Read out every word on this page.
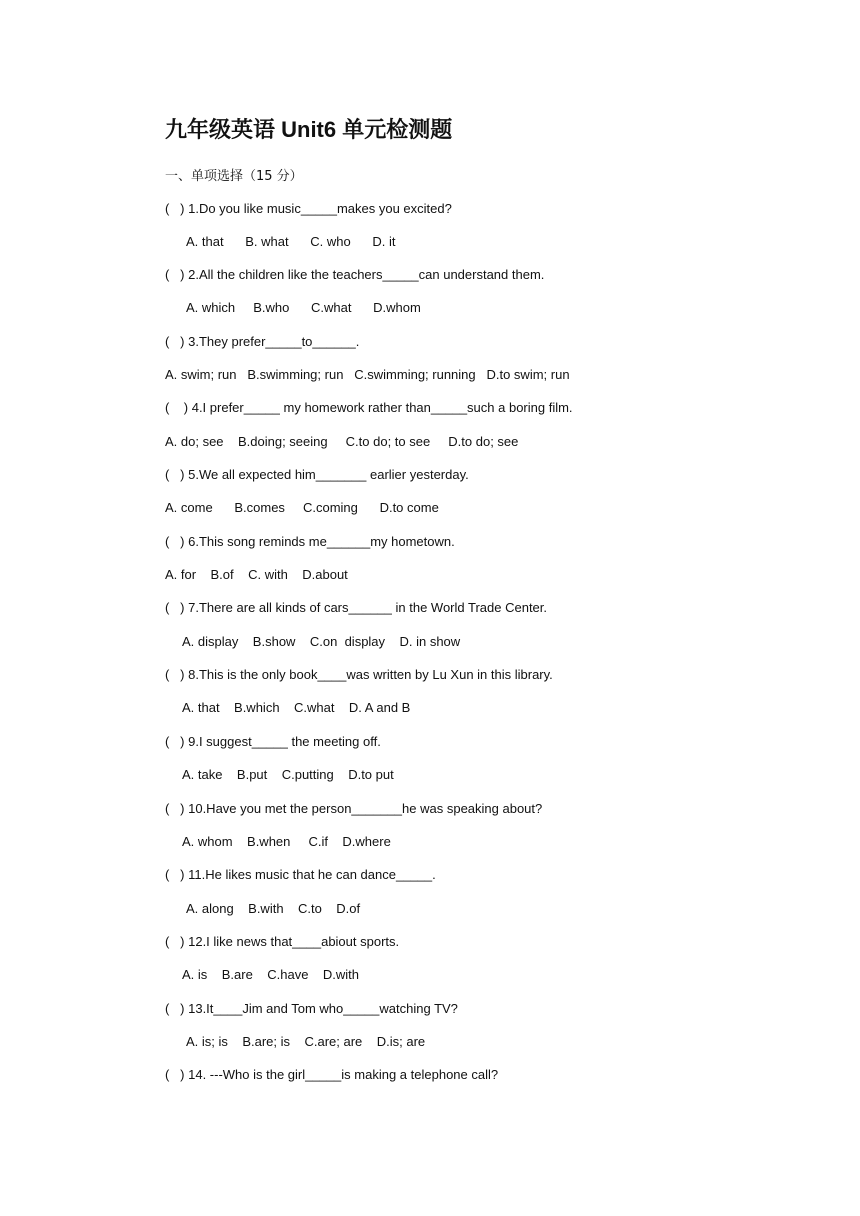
九年级英语 Unit6 单元检测题
一、单项选择（15 分）
(   ) 1.Do you like music_____makes you excited?
A. that      B. what      C. who      D. it
(   ) 2.All the children like the teachers_____can understand them.
A. which     B.who      C.what      D.whom
(   ) 3.They prefer_____to______.
A. swim; run   B.swimming; run   C.swimming; running   D.to swim; run
(    ) 4.I prefer_____ my homework rather than_____such a boring film.
A. do; see    B.doing; seeing     C.to do; to see     D.to do; see
(   ) 5.We all expected him_______ earlier yesterday.
A. come      B.comes     C.coming      D.to come
(   ) 6.This song reminds me______my hometown.
A. for    B.of    C. with    D.about
(   ) 7.There are all kinds of cars______ in the World Trade Center.
A. display    B.show    C.on  display    D. in show
(   ) 8.This is the only book____was written by Lu Xun in this library.
A. that    B.which    C.what    D. A and B
(   ) 9.I suggest_____ the meeting off.
A. take    B.put    C.putting    D.to put
(   ) 10.Have you met the person_______he was speaking about?
A. whom    B.when     C.if    D.where
(   ) 11.He likes music that he can dance_____.
A. along    B.with    C.to    D.of
(   ) 12.I like news that____abiout sports.
A. is    B.are    C.have    D.with
(   ) 13.It____Jim and Tom who_____watching TV?
A. is; is    B.are; is    C.are; are    D.is; are
(   ) 14. ---Who is the girl_____is making a telephone call?
